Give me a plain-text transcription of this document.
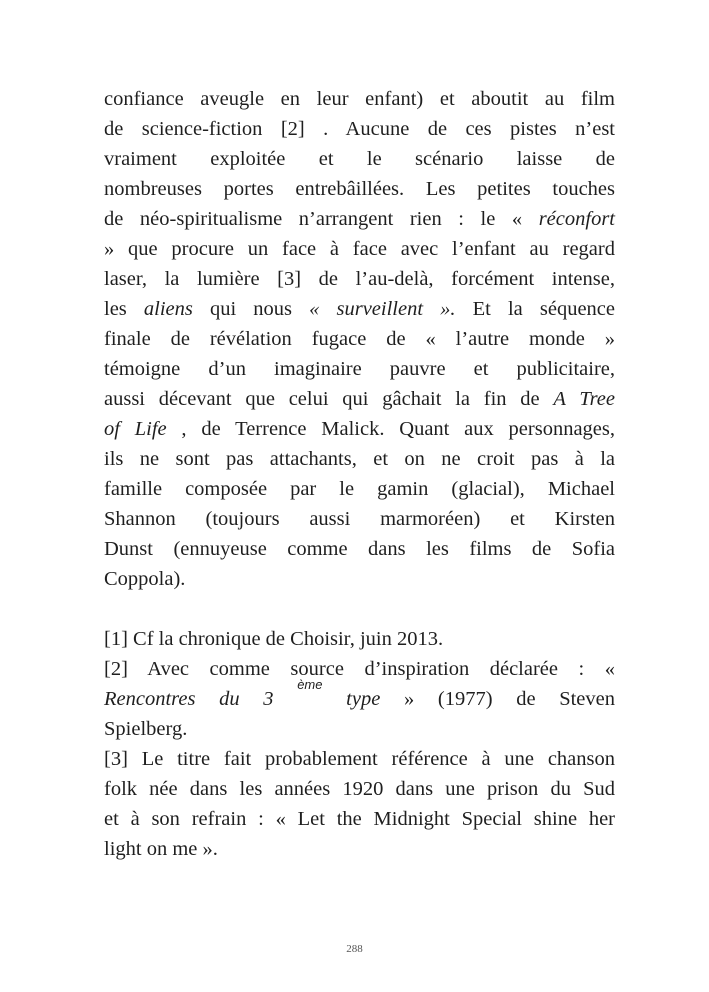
confiance aveugle en leur enfant) et aboutit au film
de science-fiction [2] . Aucune de ces pistes n’est
vraiment exploitée et le scénario laisse de
nombreuses portes entrebâillées. Les petites touches
de néo-spiritualisme n’arrangent rien : le « réconfort
» que procure un face à face avec l’enfant au regard
laser, la lumière [3] de l’au-delà, forcément intense,
les aliens qui nous « surveillent ». Et la séquence
finale de révélation fugace de « l’autre monde »
témoigne d’un imaginaire pauvre et publicitaire,
aussi décevant que celui qui gâchait la fin de A Tree
of Life , de Terrence Malick. Quant aux personnages,
ils ne sont pas attachants, et on ne croit pas à la
famille composée par le gamin (glacial), Michael
Shannon (toujours aussi marmoréen) et Kirsten
Dunst (ennuyeuse comme dans les films de Sofia
Coppola).
[1] Cf la chronique de Choisir, juin 2013.
[2] Avec comme source d’inspiration déclarée : «
Rencontres du 3 $^{ème}$ type » (1977) de Steven
Spielberg.
[3] Le titre fait probablement référence à une chanson
folk née dans les années 1920 dans une prison du Sud
et à son refrain : « Let the Midnight Special shine her
light on me ».
288
